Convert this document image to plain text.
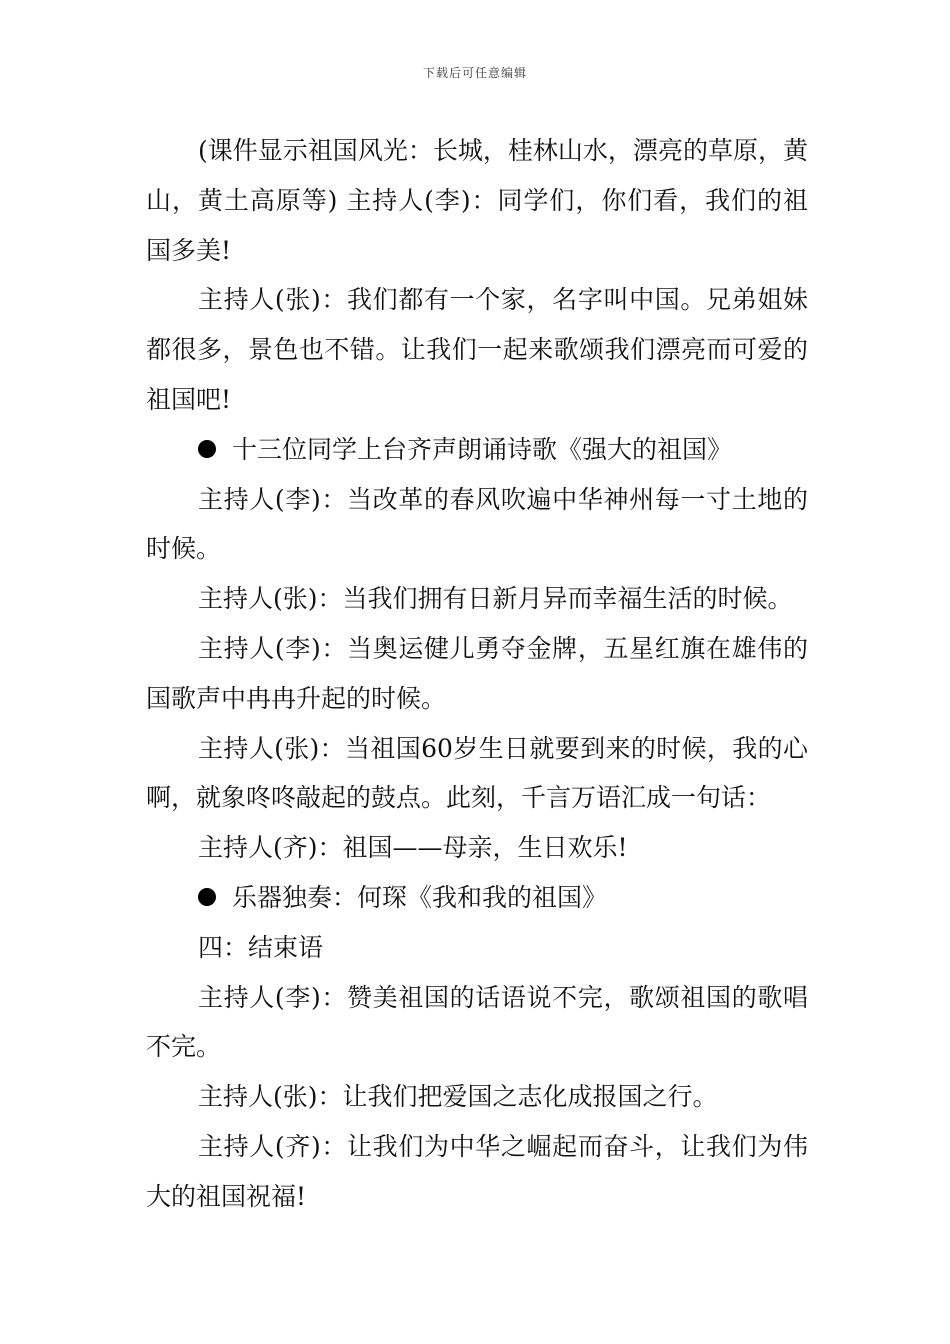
下载后可任意编辑

(课件显示祖国风光：长城，桂林山水，漂亮的草原，黄山，黄土高原等) 主持人(李)：同学们，你们看，我们的祖国多美!

主持人(张)：我们都有一个家，名字叫中国。兄弟姐妹都很多，景色也不错。让我们一起来歌颂我们漂亮而可爱的祖国吧!

十三位同学上台齐声朗诵诗歌《强大的祖国》

主持人(李)：当改革的春风吹遍中华神州每一寸土地的时候。

主持人(张)：当我们拥有日新月异而幸福生活的时候。

主持人(李)：当奥运健儿勇夺金牌，五星红旗在雄伟的国歌声中冉冉升起的时候。

主持人(张)：当祖国60岁生日就要到来的时候，我的心啊，就象咚咚敲起的鼓点。此刻，千言万语汇成一句话：

主持人(齐)：祖国——母亲，生日欢乐!

乐器独奏：何琛《我和我的祖国》

四：结束语

主持人(李)：赞美祖国的话语说不完，歌颂祖国的歌唱不完。

主持人(张)：让我们把爱国之志化成报国之行。

主持人(齐)：让我们为中华之崛起而奋斗，让我们为伟大的祖国祝福!
